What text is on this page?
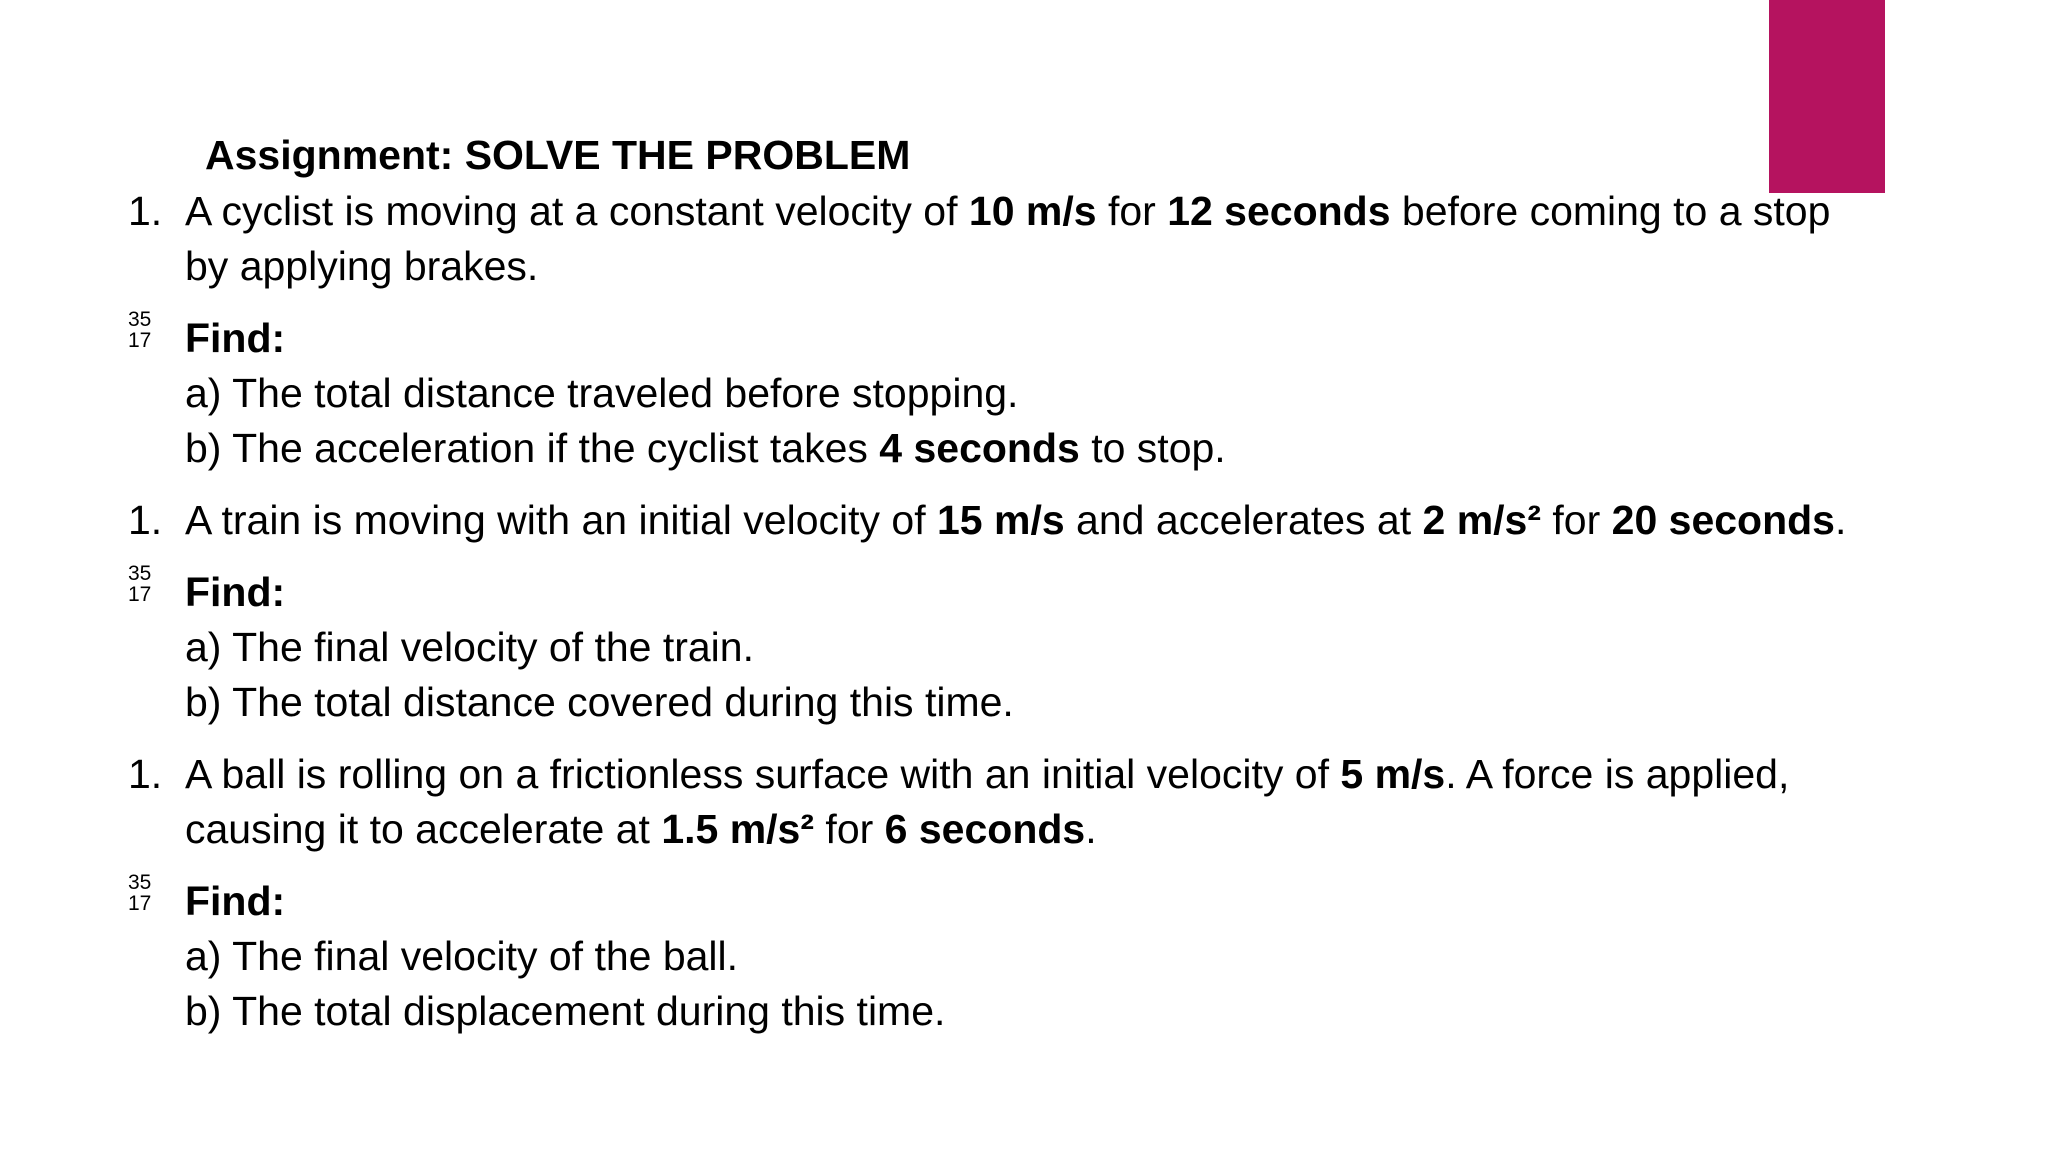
Assignment: SOLVE THE PROBLEM
1. A cyclist is moving at a constant velocity of 10 m/s for 12 seconds before coming to a stop
by applying brakes.
35
17 Find:
a) The total distance traveled before stopping.
b) The acceleration if the cyclist takes 4 seconds to stop.
1. A train is moving with an initial velocity of 15 m/s and accelerates at 2 m/s² for 20 seconds.
35
17 Find:
a) The final velocity of the train.
b) The total distance covered during this time.
1. A ball is rolling on a frictionless surface with an initial velocity of 5 m/s. A force is applied,
causing it to accelerate at 1.5 m/s² for 6 seconds.
35
17 Find:
a) The final velocity of the ball.
b) The total displacement during this time.
